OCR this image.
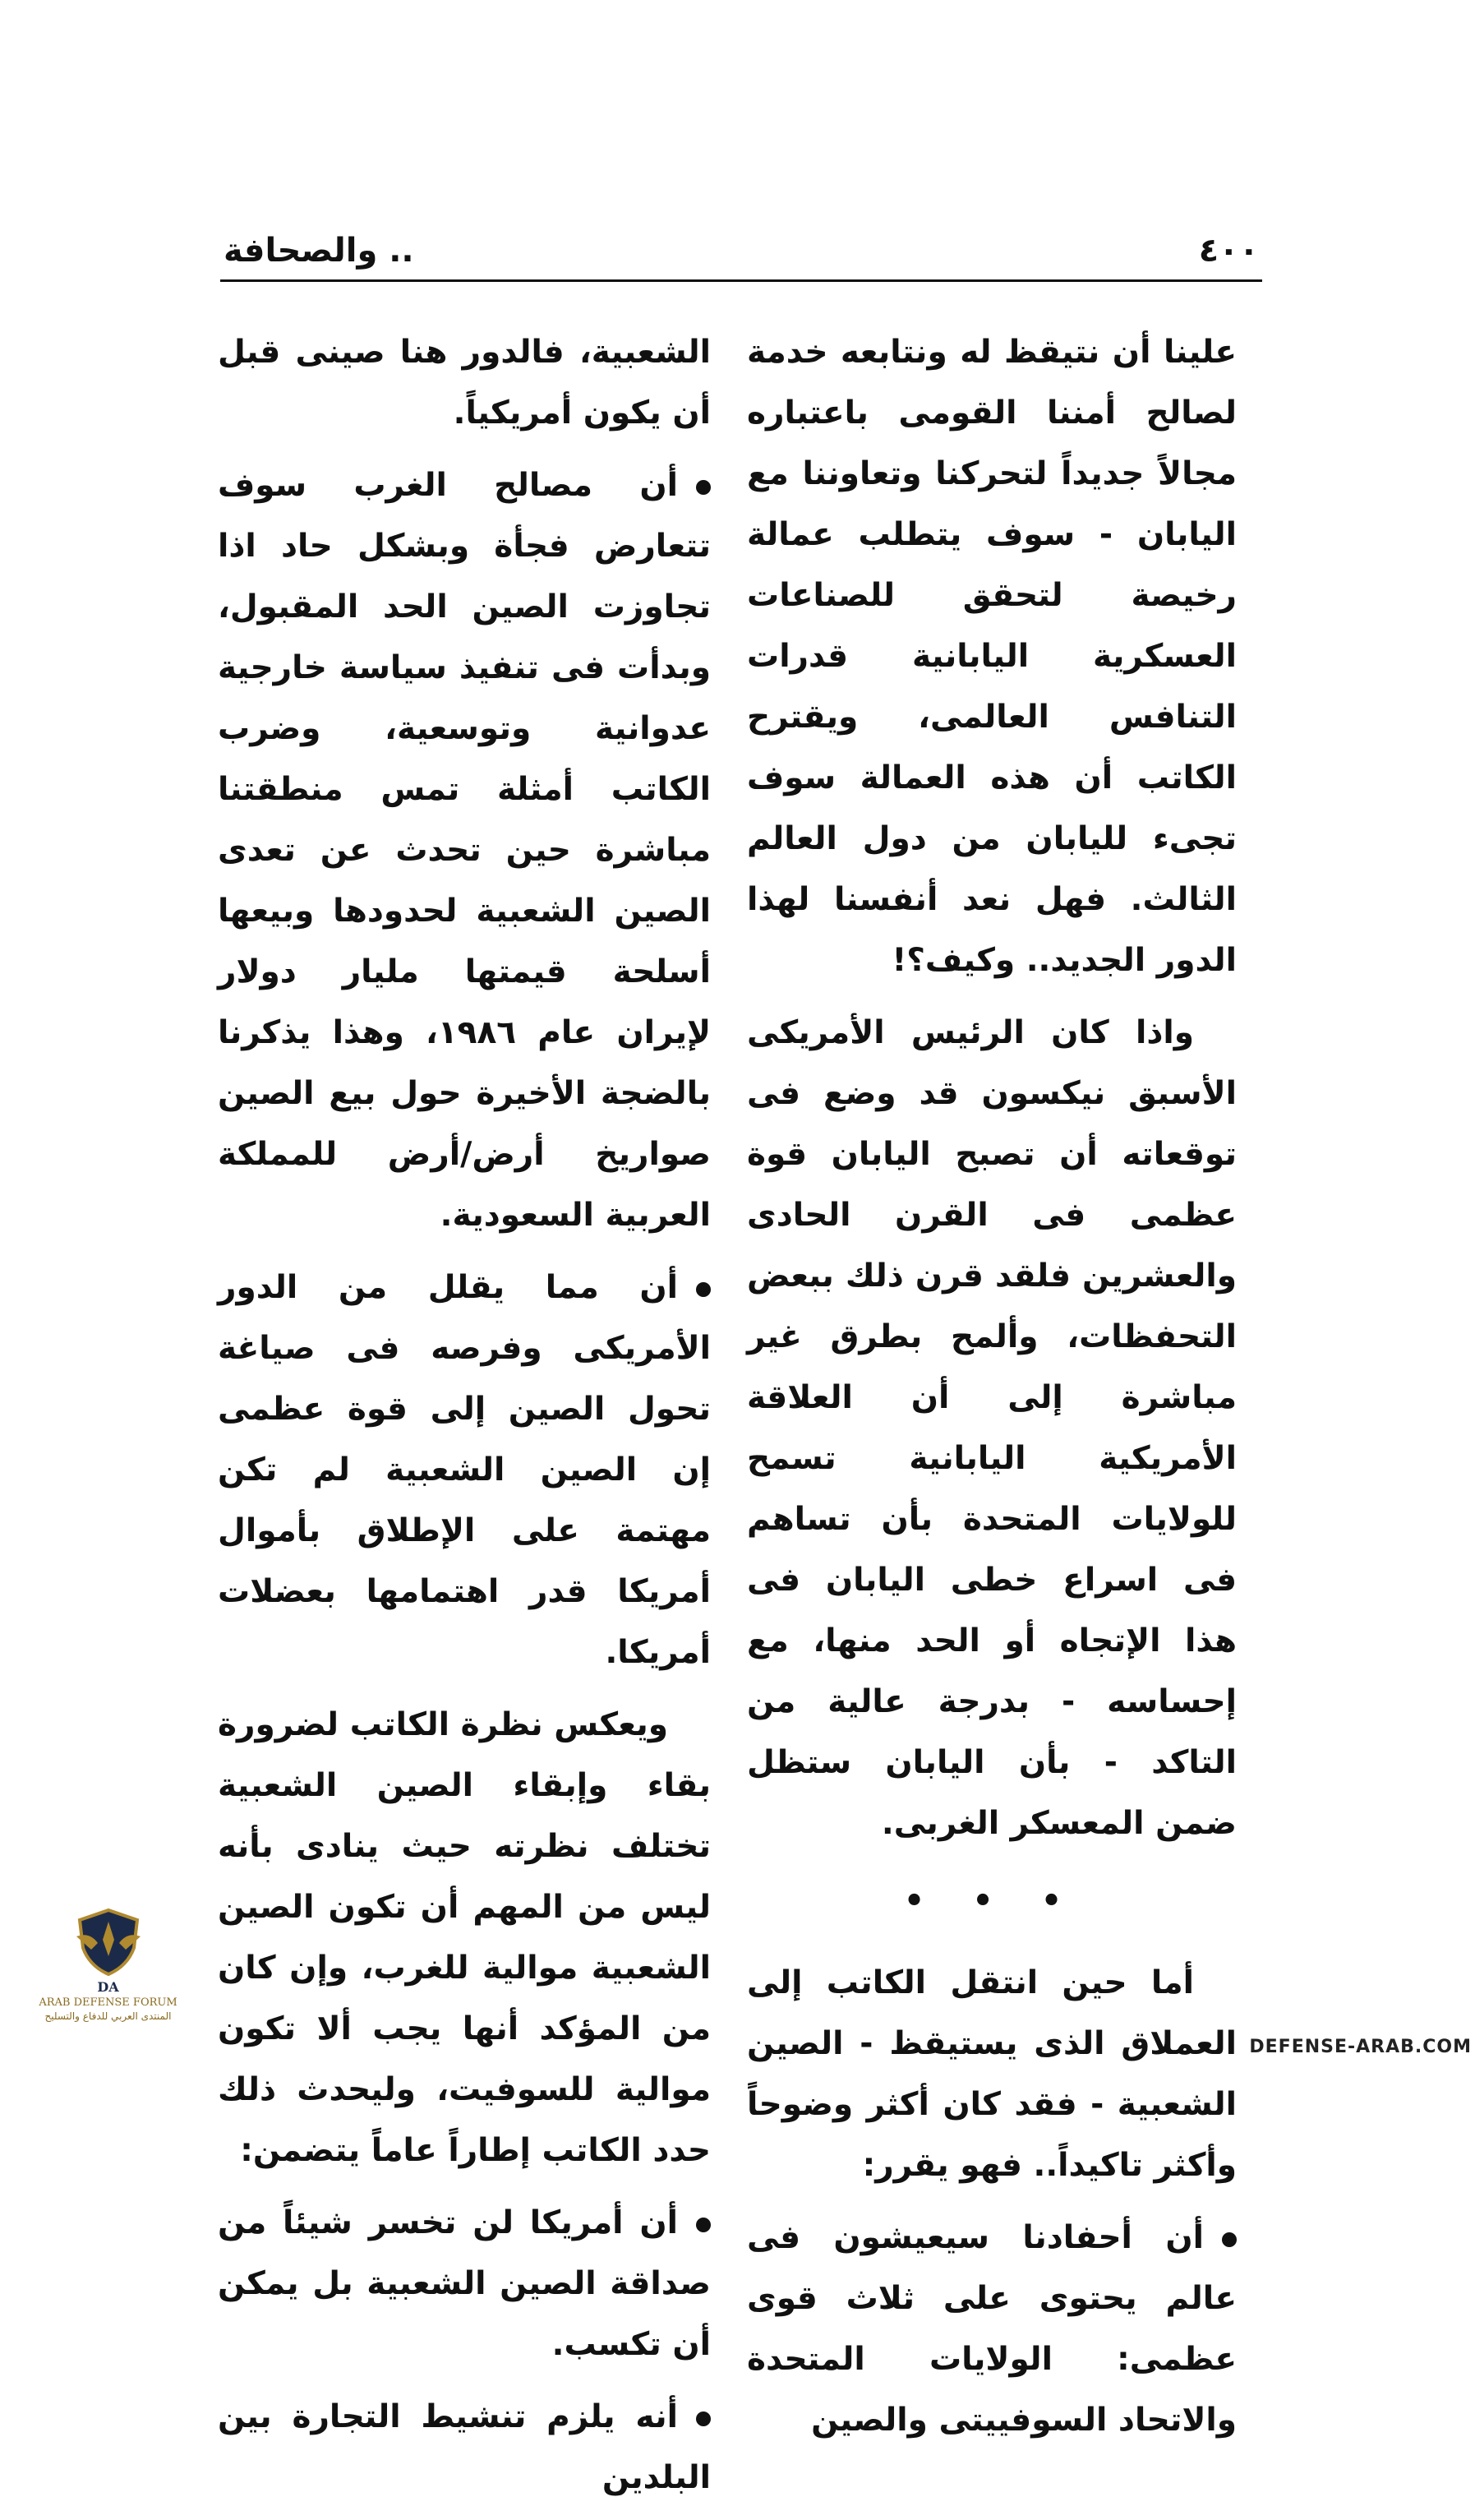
٤٠٠
.. والصحافة

علينا أن نتيقظ له ونتابعه خدمة لصالح أمننا القومى باعتباره مجالاً جديداً لتحركنا وتعاوننا مع اليابان - سوف يتطلب عمالة رخيصة لتحقق للصناعات العسكرية اليابانية قدرات التنافس العالمى، ويقترح الكاتب أن هذه العمالة سوف تجىء لليابان من دول العالم الثالث. فهل نعد أنفسنا لهذا الدور الجديد.. وكيف؟!

واذا كان الرئيس الأمريكى الأسبق نيكسون قد وضع فى توقعاته أن تصبح اليابان قوة عظمى فى القرن الحادى والعشرين فلقد قرن ذلك ببعض التحفظات، وألمح بطرق غير مباشرة إلى أن العلاقة الأمريكية اليابانية تسمح للولايات المتحدة بأن تساهم فى اسراع خطى اليابان فى هذا الإتجاه أو الحد منها، مع إحساسه - بدرجة عالية من التاكد - بأن اليابان ستظل ضمن المعسكر الغربى.

• • •

أما حين انتقل الكاتب إلى العملاق الذى يستيقظ - الصين الشعبية - فقد كان أكثر وضوحاً وأكثر تاكيداً.. فهو يقرر:

أن أحفادنا سيعيشون فى عالم يحتوى على ثلاث قوى عظمى: الولايات المتحدة والاتحاد السوفييتى والصين

الشعبية، فالدور هنا صينى قبل أن يكون أمريكياً.

أن مصالح الغرب سوف تتعارض فجأة وبشكل حاد اذا تجاوزت الصين الحد المقبول، وبدأت فى تنفيذ سياسة خارجية عدوانية وتوسعية، وضرب الكاتب أمثلة تمس منطقتنا مباشرة حين تحدث عن تعدى الصين الشعبية لحدودها وبيعها أسلحة قيمتها مليار دولار لإيران عام ١٩٨٦، وهذا يذكرنا بالضجة الأخيرة حول بيع الصين صواريخ أرض/أرض للمملكة العربية السعودية.

أن مما يقلل من الدور الأمريكى وفرصه فى صياغة تحول الصين إلى قوة عظمى إن الصين الشعبية لم تكن مهتمة على الإطلاق بأموال أمريكا قدر اهتمامها بعضلات أمريكا.

ويعكس نظرة الكاتب لضرورة بقاء وإبقاء الصين الشعبية تختلف نظرته حيث ينادى بأنه ليس من المهم أن تكون الصين الشعبية موالية للغرب، وإن كان من المؤكد أنها يجب ألا تكون موالية للسوفيت، وليحدث ذلك حدد الكاتب إطاراً عاماً يتضمن:

أن أمريكا لن تخسر شيئاً من صداقة الصين الشعبية بل يمكن أن تكسب.

أنه يلزم تنشيط التجارة بين البلدين

DA
ARAB DEFENSE FORUM
المنتدى العربي للدفاع والتسليح
DEFENSE-ARAB.COM
